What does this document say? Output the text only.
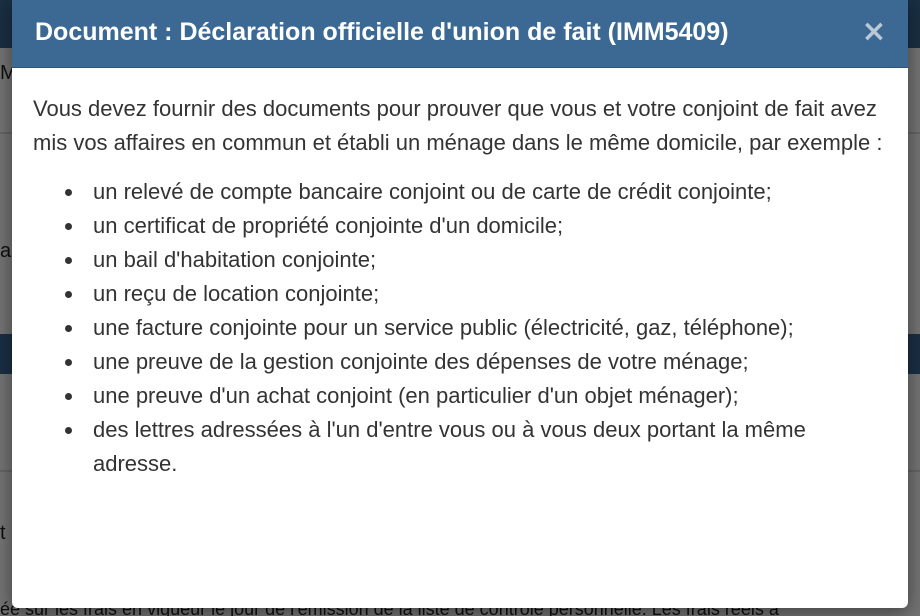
Document : Déclaration officielle d'union de fait (IMM5409)	×

Vous devez fournir des documents pour prouver que vous et votre conjoint de fait avez mis vos affaires en commun et établi un ménage dans le même domicile, par exemple :

un relevé de compte bancaire conjoint ou de carte de crédit conjointe;
un certificat de propriété conjointe d'un domicile;
un bail d'habitation conjointe;
un reçu de location conjointe;
une facture conjointe pour un service public (électricité, gaz, téléphone);
une preuve de la gestion conjointe des dépenses de votre ménage;
une preuve d'un achat conjoint (en particulier d'un objet ménager);
des lettres adressées à l'un d'entre vous ou à vous deux portant la même adresse.
